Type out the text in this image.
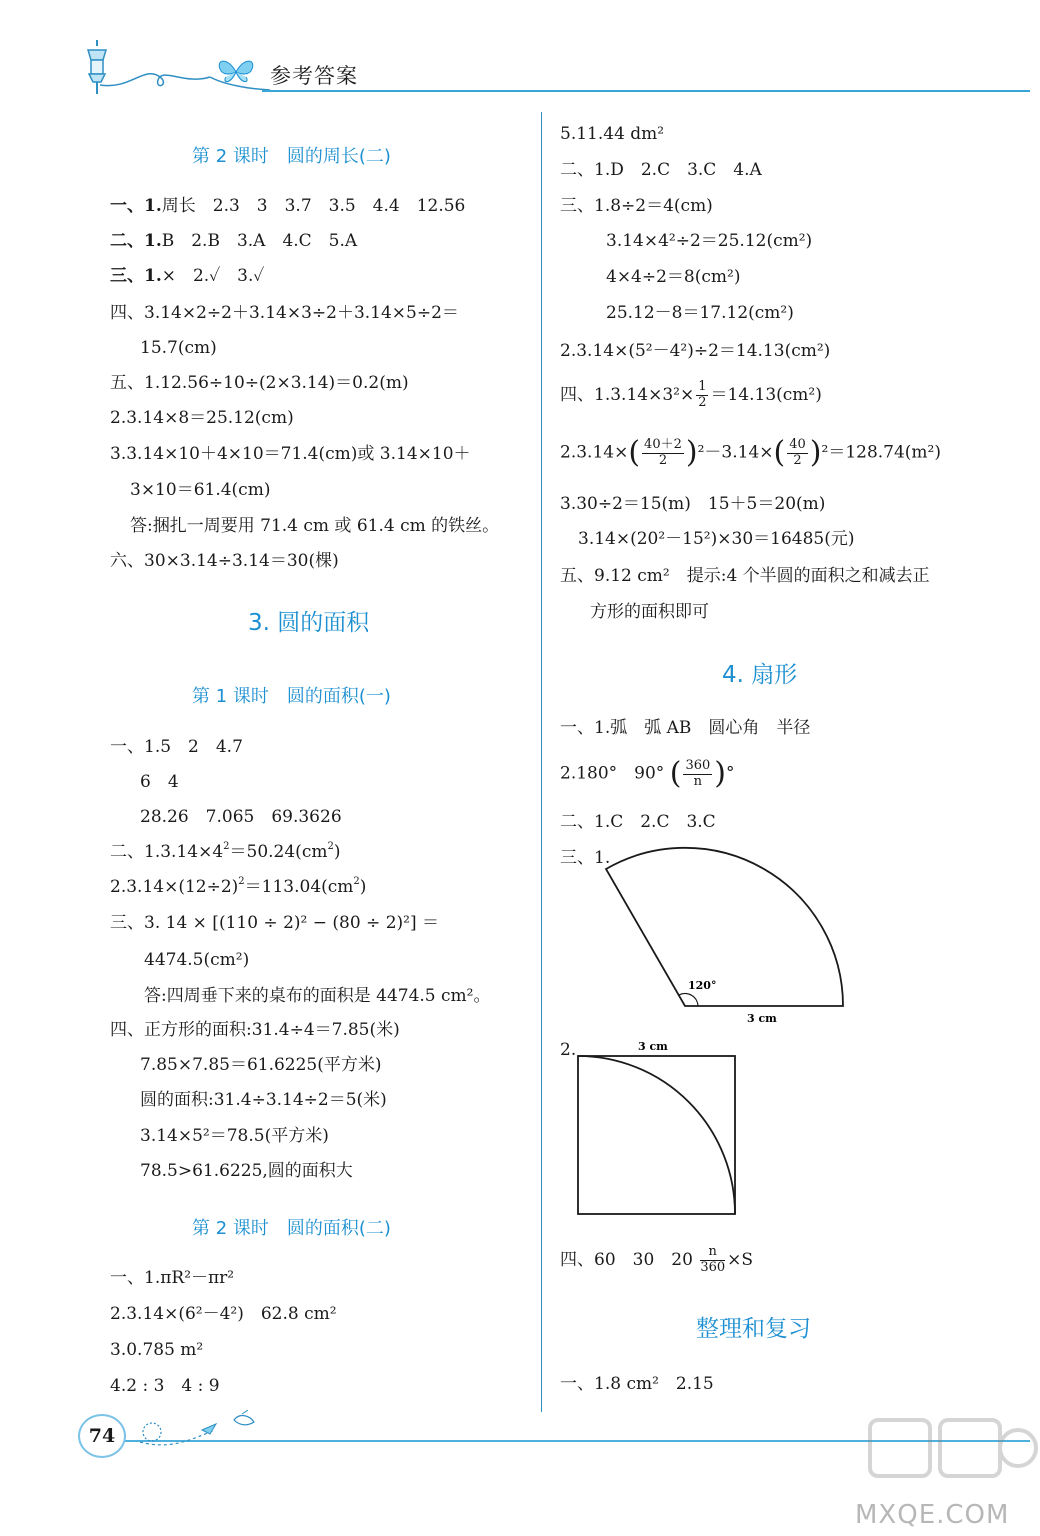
参考答案
第 2 课时　圆的周长(二)
一、1.周长　2.3　3　3.7　3.5　4.4　12.56
二、1.B　2.B　3.A　4.C　5.A
三、1.×　2.✓　3.✓
四、3.14×2÷2＋3.14×3÷2＋3.14×5÷2＝
15.7(cm)
五、1.12.56÷10÷(2×3.14)＝0.2(m)
2.3.14×8＝25.12(cm)
3.3.14×10＋4×10＝71.4(cm)或 3.14×10＋
3×10＝61.4(cm)
答:捆扎一周要用 71.4 cm 或 61.4 cm 的铁丝。
六、30×3.14÷3.14＝30(棵)
3. 圆的面积
第 1 课时　圆的面积(一)
一、1.5　2　4.7
6　4
28.26　7.065　69.3626
二、$1.3.14\times 4^2=50.24(cm^2)$
$2.3.14\times(12\div 2)^2=113.04(cm^2)$
三、3. 14 × [(110 ÷ 2)² − (80 ÷ 2)²] ＝
4474.5(cm²)
答:四周垂下来的桌布的面积是 4474.5 cm²。
四、正方形的面积:31.4÷4＝7.85(米)
7.85×7.85＝61.6225(平方米)
圆的面积:31.4÷3.14÷2＝5(米)
3.14×5²＝78.5(平方米)
78.5>61.6225,圆的面积大
第 2 课时　圆的面积(二)
一、1.πR²－πr²
2.3.14×(6²－4²)　62.8 cm²
3.0.785 m²
4.2 : 3　4 : 9
5.11.44 dm²
二、1.D　2.C　3.C　4.A
三、1.8÷2＝4(cm)
3.14×4²÷2＝25.12(cm²)
4×4÷2＝8(cm²)
25.12－8＝17.12(cm²)
2.3.14×(5²－4²)÷2＝14.13(cm²)
四、$1.3.14\times 3^2\times \frac{1}{2} =14.13(cm^2)$
$2.3.14\times( \frac{40+2}{2} )^2-3.14\times( \frac{40}{2} )^2=128.74(m^2)$
3.30÷2＝15(m)　15＋5＝20(m)
3.14×(20²－15²)×30＝16485(元)
五、9.12 cm²　提示:4 个半圆的面积之和减去正
方形的面积即可
4. 扇形
一、1.弧　弧 AB　圆心角　半径
2.180°　90° ( $\frac{360}{n}$ )°
二、1.C　2.C　3.C
三、1.
120°
3 cm
2.	3 cm
四、60　30　$20 \frac{n}{360} \times S$
整理和复习
一、1.8 cm²　2.15
74
MXQE.COM
